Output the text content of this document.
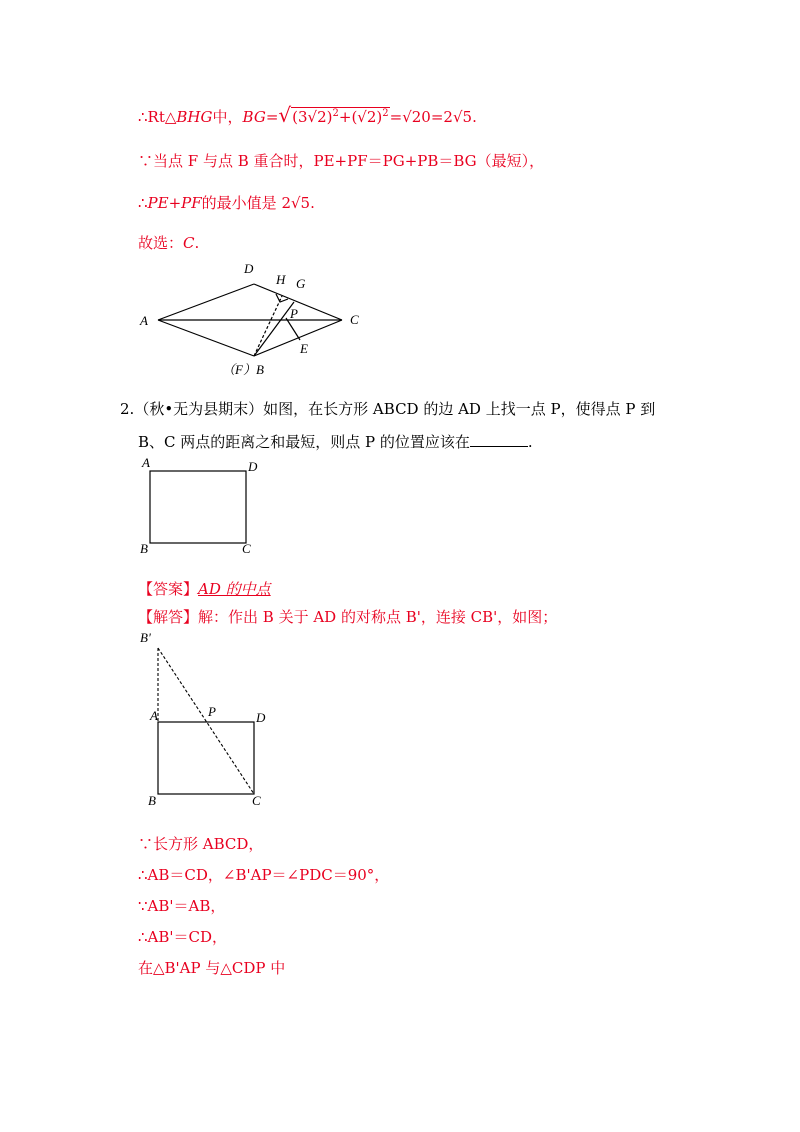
∴Rt△BHG中，$BG=√(3√2)^2+(√2)^2=√20=2√5$.
∵当点 F 与点 B 重合时，PE+PF＝PG+PB＝BG（最短），
∴PE+PF的最小值是 2√5.
故选：C.
D
H G
A	C
P
E
（F）B
2.（秋•无为县期末）如图，在长方形 ABCD 的边 AD 上找一点 P，使得点 P 到
B、C 两点的距离之和最短，则点 P 的位置应该在	.
A	D
B	C
【答案】AD 的中点
【解答】解：作出 B 关于 AD 的对称点 B'，连接 CB'，如图；
B'
A	P	D
B	C
∵长方形 ABCD，
∴AB＝CD，∠B'AP＝∠PDC＝90°，
∵AB'＝AB，
∴AB'＝CD，
在△B'AP 与△CDP 中
